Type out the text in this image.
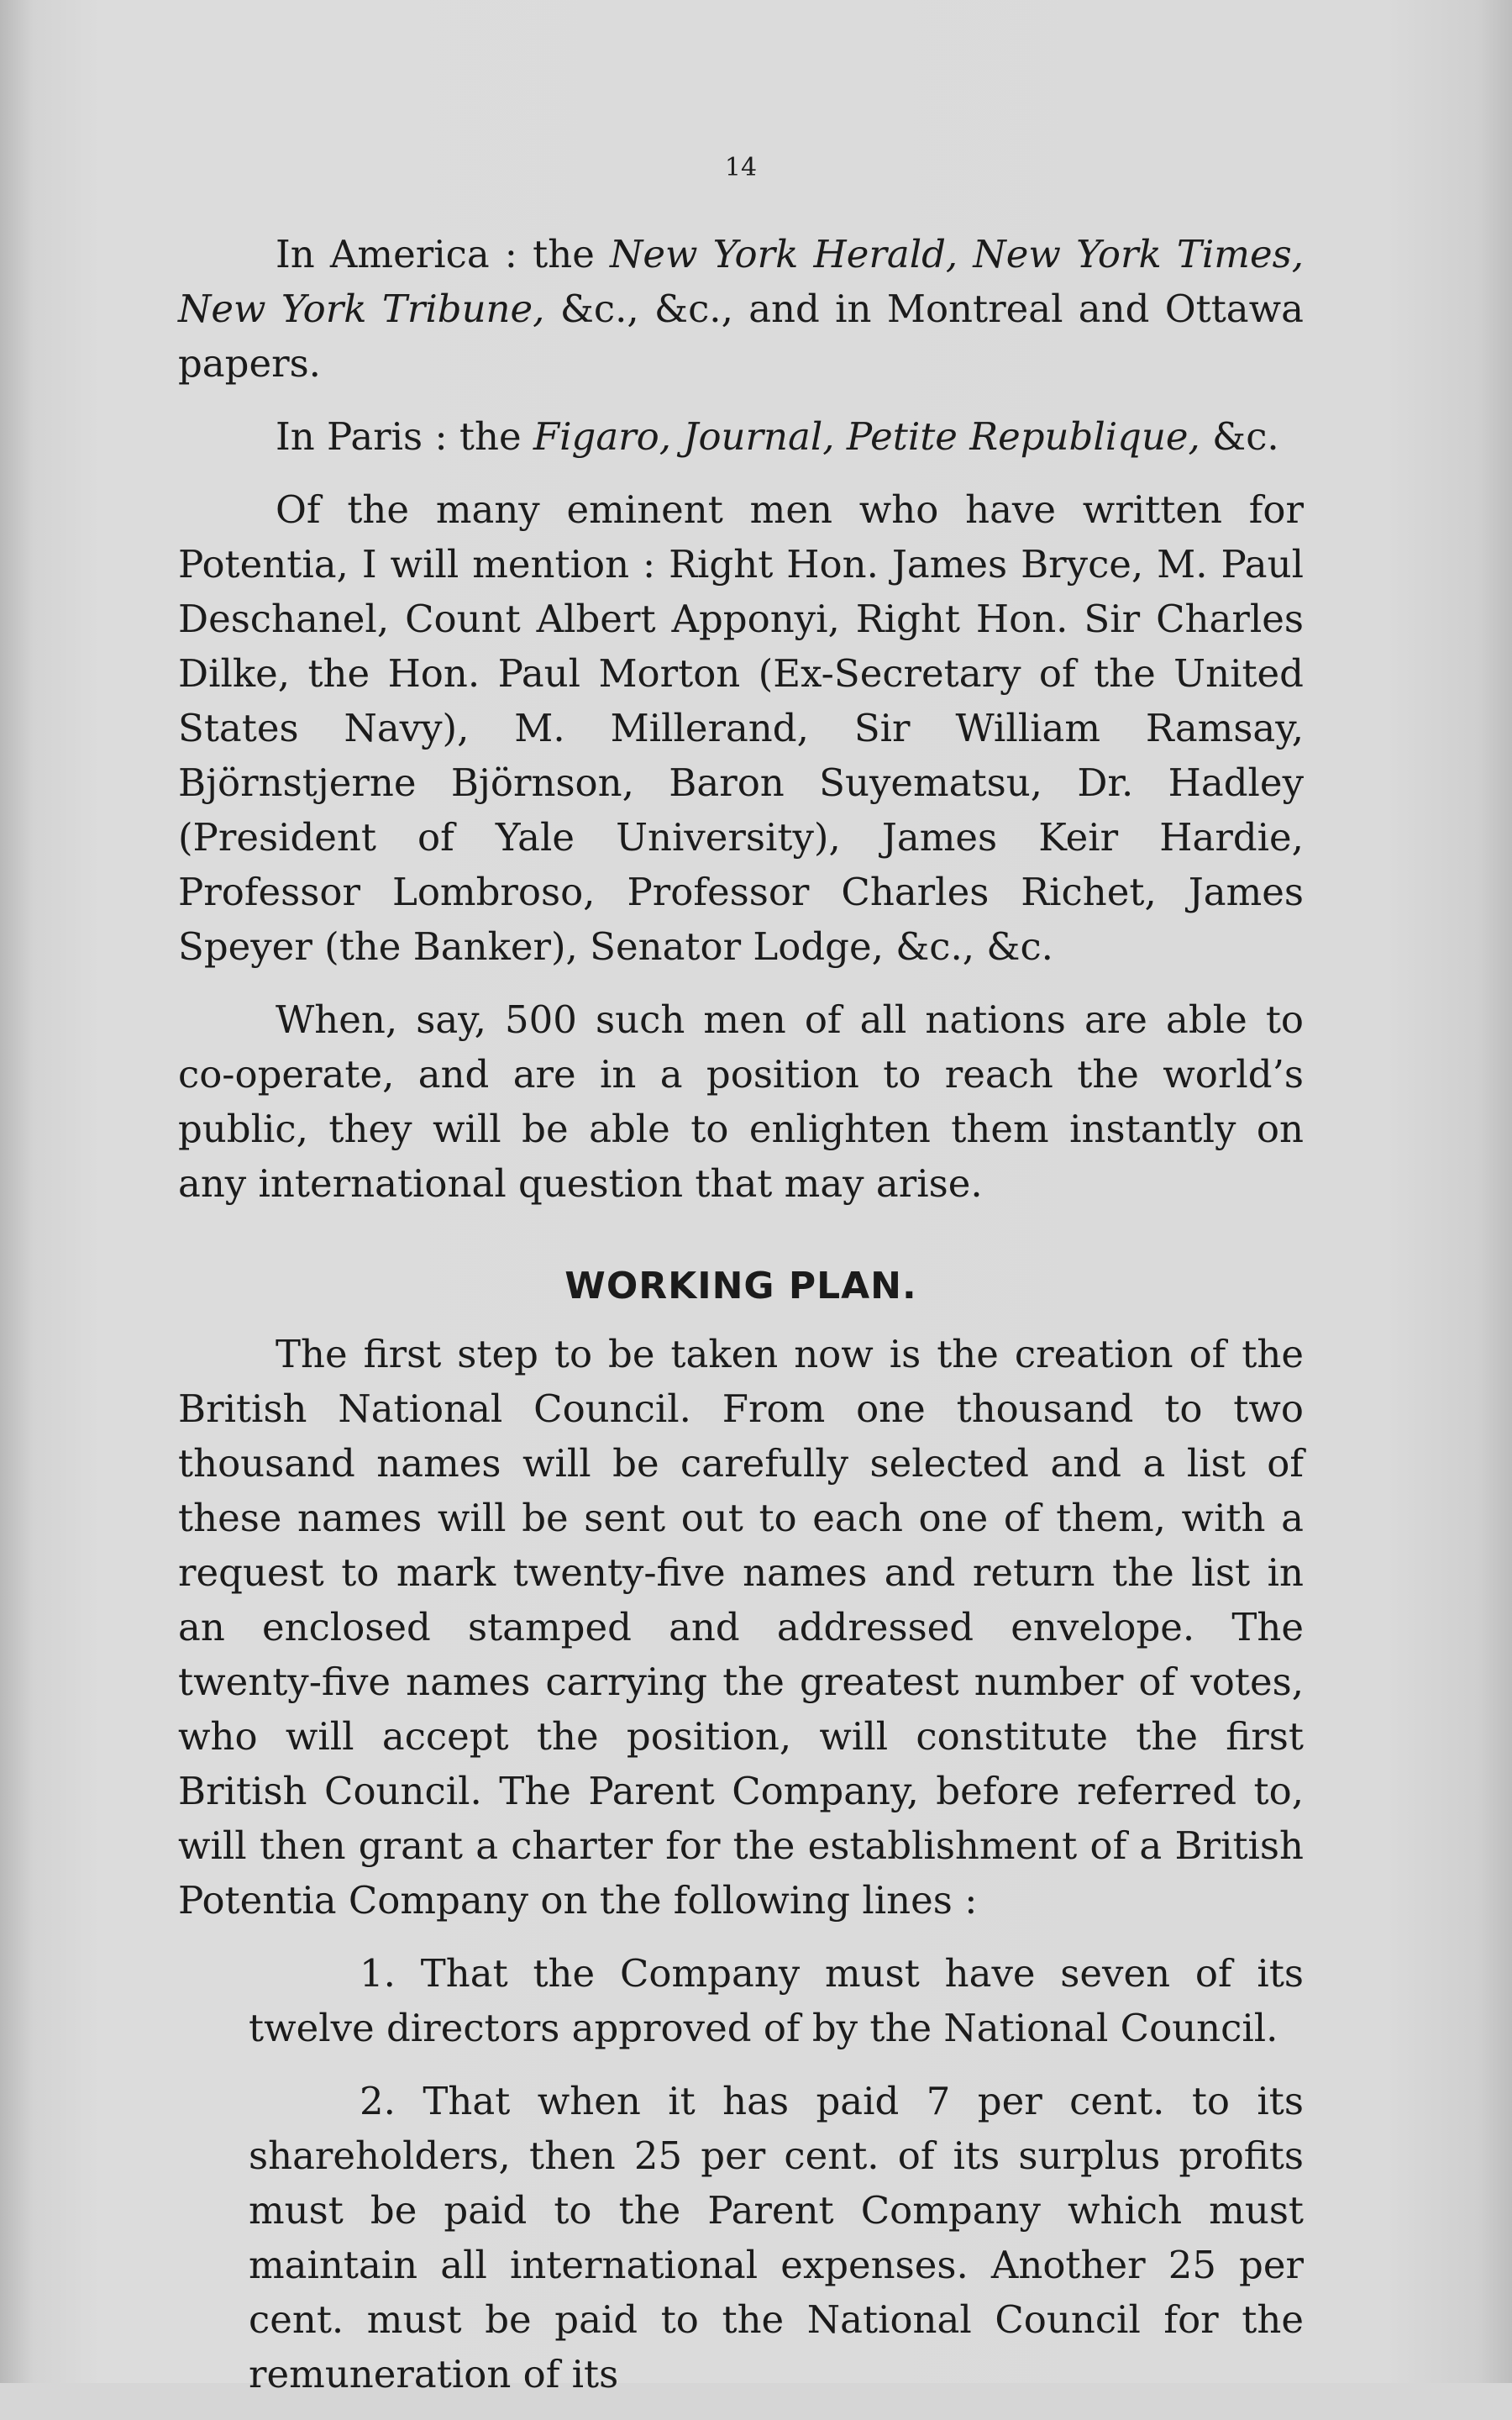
14

In America : the New York Herald, New York Times, New York Tribune, &c., &c., and in Montreal and Ottawa papers.

In Paris : the Figaro, Journal, Petite Republique, &c.

Of the many eminent men who have written for Potentia, I will mention : Right Hon. James Bryce, M. Paul Deschanel, Count Albert Apponyi, Right Hon. Sir Charles Dilke, the Hon. Paul Morton (Ex-Secretary of the United States Navy), M. Millerand, Sir William Ramsay, Björnstjerne Björnson, Baron Suyematsu, Dr. Hadley (President of Yale University), James Keir Hardie, Professor Lombroso, Professor Charles Richet, James Speyer (the Banker), Senator Lodge, &c., &c.

When, say, 500 such men of all nations are able to co-operate, and are in a position to reach the world’s public, they will be able to enlighten them instantly on any international question that may arise.

WORKING PLAN.

The first step to be taken now is the creation of the British National Council. From one thousand to two thousand names will be carefully selected and a list of these names will be sent out to each one of them, with a request to mark twenty-five names and return the list in an enclosed stamped and addressed envelope. The twenty-five names carrying the greatest number of votes, who will accept the position, will constitute the first British Council. The Parent Company, before referred to, will then grant a charter for the establishment of a British Potentia Company on the following lines :

1. That the Company must have seven of its twelve directors approved of by the National Council.

2. That when it has paid 7 per cent. to its shareholders, then 25 per cent. of its surplus profits must be paid to the Parent Company which must maintain all international expenses. Another 25 per cent. must be paid to the National Council for the remuneration of its
